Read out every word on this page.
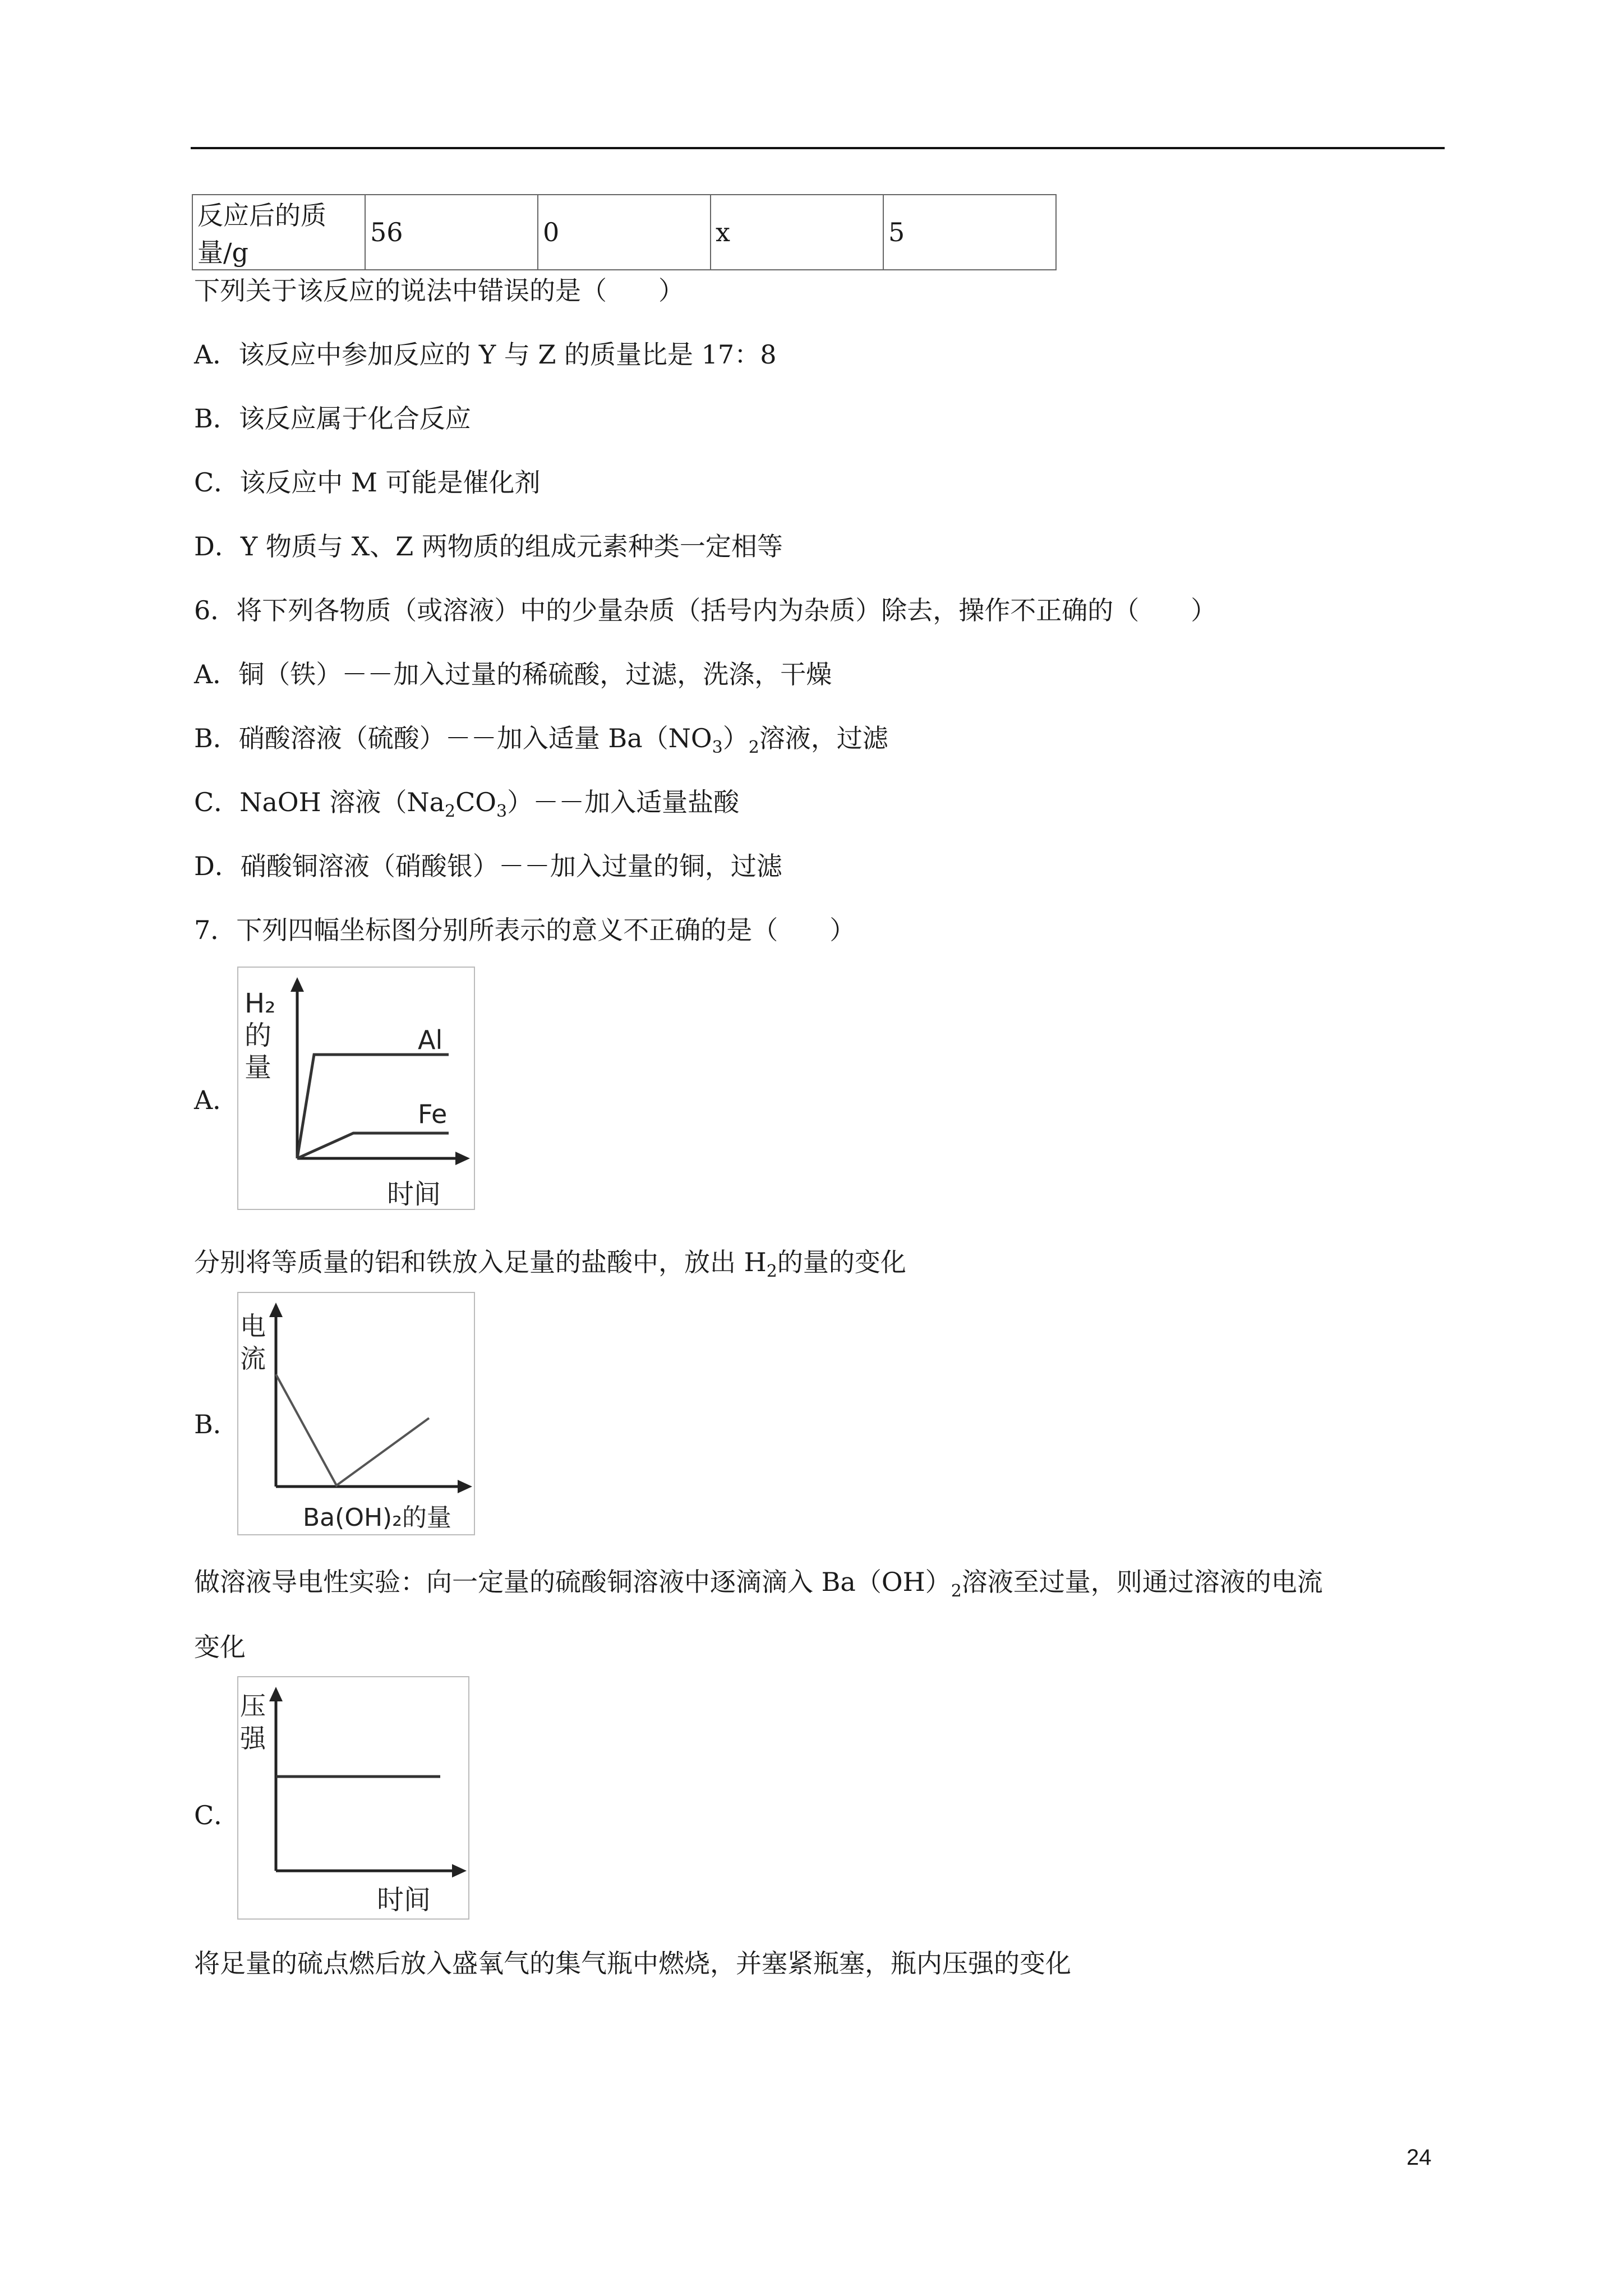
反应后的质量/g	56	0	x	5
下列关于该反应的说法中错误的是（　　）
A．该反应中参加反应的 Y 与 Z 的质量比是 17：8
B．该反应属于化合反应
C．该反应中 M 可能是催化剂
D．Y 物质与 X、Z 两物质的组成元素种类一定相等
6．将下列各物质（或溶液）中的少量杂质（括号内为杂质）除去，操作不正确的（　　）
A．铜（铁）－－加入过量的稀硫酸，过滤，洗涤，干燥
B．硝酸溶液（硫酸）－－加入适量 $Ba(NO_3)_2$溶液，过滤
C．NaOH 溶液$(Na_2CO_3)--$加入适量盐酸
D．硝酸铜溶液（硝酸银）－－加入过量的铜，过滤
7．下列四幅坐标图分别所表示的意义不正确的是（　　）
A．
H₂
的
量
Al
Fe
时间
分别将等质量的铝和铁放入足量的盐酸中，放出 $H_2$的量的变化
B．
电
流
Ba(OH)₂的量
做溶液导电性实验：向一定量的硫酸铜溶液中逐滴滴入 $Ba(OH)_2$溶液至过量，则通过溶液的电流
变化
C．
压
强
时间
将足量的硫点燃后放入盛氧气的集气瓶中燃烧，并塞紧瓶塞，瓶内压强的变化
24
